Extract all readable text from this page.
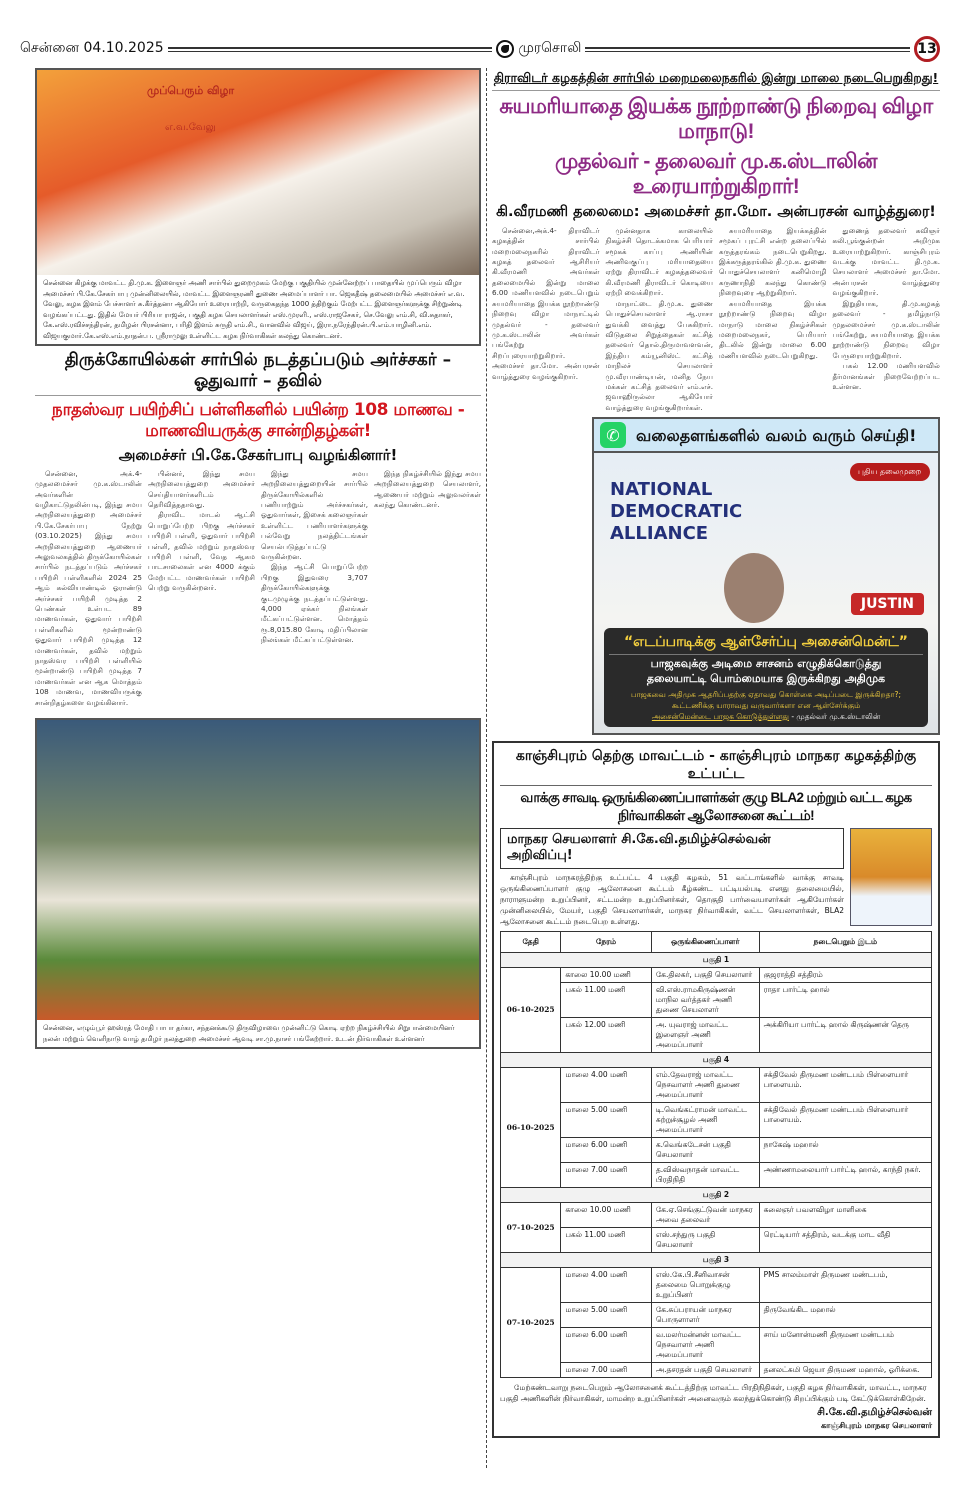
சென்னை 04.10.2025	முரசொலி	13
முப்பெரும் விழா
எ.வ.வேலு
சென்னை கிழக்கு மாவட்ட தி.மு.க. இளைஞர் அணி சார்பில் துறைமுகம் மேற்கு பகுதியில் முன்னேற்றப் பாதையில் முப்பெரும் விழா அமைச்சர் பி.கே.சேகர்பாபு முன்னிலையில், மாவட்ட இளைஞரணி துணை அமைப்பாளர் பா. ஜெகதீஷ் தலைமையில் அமைச்சர் எ.வ. வேலு, கழக இளம் பேச்சாளர் சு.கீர்த்தனா ஆகியோர் உரையாற்றி, வருகைதந்த 1000 த்திற்கும் மேற்பட்ட இளைஞர்களுக்கு சிற்றுண்டி வழங்கப்பட்டது. இதில் மேயர் பிரியா ராஜன், பகுதி கழக செயலாளர்கள் எஸ்.முரளி., எஸ்.ராஜசேகர், செ.வேலு எம்.சி, வி.சுதாகர், கே.எஸ்.ரவிச்சந்திரன், தமிழன் பிரசன்னா, பரிதி இளம் சுருதி எம்.சி., வானவில் விஜய், இரா.நரேந்திரன்.பி.எம்.யாழினி.எம். விஜயகுமார்.கே.எஸ்.எம்.நாதன்.ப. ஸ்ரீராமுலு உள்ளிட்ட கழக நிர்வாகிகள் கலந்து கொண்டனர்.
திருக்கோயில்கள் சார்பில் நடத்தப்படும் அர்ச்சகர் – ஓதுவார் – தவில்
நாதஸ்வர பயிற்சிப் பள்ளிகளில் பயின்ற 108 மாணவ - மாணவியருக்கு சான்றிதழ்கள்!
அமைச்சர் பி.கே.சேகர்பாபு வழங்கினார்!

சென்னை, அக்.4- முதலமைச்சர் மு.க.ஸ்டாலின் அவர்களின் வழிகாட்டுதலின்படி, இந்து சமய அறநிலையத்துறை அமைச்சர் பி.கே.சேகர்பாபு நேற்று (03.10.2025) இந்து சமய அறநிலையத்துறை ஆணையர் அலுவலகத்தில் திருக்கோயில்கள் சார்பில் நடத்தப்படும் அர்ச்சகர் பயிற்சி பள்ளிகளில் 2024 25 ஆம் கல்வியாண்டில் ஓராண்டு அர்ச்சகர் பயிற்சி முடித்த 2 பெண்கள் உள்பட 89 மாணவர்கள், ஓதுவார் பயிற்சி பள்ளிகளில் மூன்றாண்டு ஓதுவார் பயிற்சி முடித்த 12 மாணவர்கள், தவில் மற்றும் நாதஸ்வர பயிற்சி பள்ளியில் மூன்றாண்டு பயிற்சி முடித்த 7 மாணவர்கள் என ஆக மொத்தம் 108 மாணவ, மாணவியருக்கு சான்றிதழ்களை வழங்கினார்.

பின்னர், இந்து சமய அறநிலையத்துறை அமைச்சர் செய்தியாளர்களிடம் தெரிவித்ததாவது.

திராவிட மாடல் ஆட்சி பொறுப்பேற்ற பிறகு அர்ச்சகர் பயிற்சி பள்ளி, ஓதுவார் பயிற்சி பள்ளி, தவில் மற்றும் நாதஸ்வர பயிற்சி பள்ளி, வேத ஆகம பாடசாலைகள் என 4000 க்கும் மேற்பட்ட மாணவர்கள் பயிற்சி பெற்று வருகின்றனர்.

இந்து சமய அறநிலையத்துறையின் சார்பில் திருக்கோயில்களில் பணியாற்றும் அர்ச்சகர்கள், ஓதுவார்கள், இசைக் கலைஞர்கள் உள்ளிட்ட பணியாளர்களுக்கு பல்வேறு நலத்திட்டங்கள் செயல்படுத்தப்பட்டு வருகின்றன.

இந்த ஆட்சி பொறுப்பேற்ற பிறகு இதுவரை 3,707 திருக்கோயில்களுக்கு குடமுழுக்கு நடத்தப்பட்டுள்ளது. 4,000 ஏக்கர் நிலங்கள் மீட்கப்பட்டுள்ளன. மொத்தம் ரூ.8,015.80 கோடி மதிப்பிலான நிலங்கள் மீட்கப்பட்டுள்ளன.

இந்த நிகழ்ச்சியில் இந்து சமய அறநிலையத்துறை செயலாளர், ஆணையர் மற்றும் அலுவலர்கள் கலந்து கொண்டனர்.

சென்னை, எழும்பூர் ஹஸ்ரத் மோதி பாபா தர்கா, சந்தனக்கூடு திருவிழாவை முன்னிட்டு கொடி ஏற்ற நிகழ்ச்சியில் சிறுபான்மையினர் நலன் மற்றும் வெளிநாடு வாழ் தமிழர் நலத்துறை அமைச்சர் ஆவடி சா.மு.நாசர் பங்கேற்றார். உடன் நிர்வாகிகள் உள்ளனர்
திராவிடர் கழகத்தின் சார்பில் மறைமலைநகரில் இன்று மாலை நடைபெறுகிறது!
சுயமரியாதை இயக்க நூற்றாண்டு நிறைவு விழா மாநாடு!
முதல்வர் - தலைவர் மு.க.ஸ்டாலின் உரையாற்றுகிறார்!
கி.வீரமணி தலைமை: அமைச்சர் தா.மோ. அன்பரசன் வாழ்த்துரை!

சென்னை,அக்.4- திராவிடர் கழகத்தின் சார்பில் மறைமலைநகரில் திராவிடர் கழகத் தலைவர் ஆசிரியர் கி.வீரமணி அவர்கள் தலைமையில் இன்று மாலை 6.00 மணியளவில் நடைபெறும் சுயமரியாதை இயக்க நூற்றாண்டு நிறைவு விழா மாநாட்டில் முதல்வர் - தலைவர் மு.க.ஸ்டாலின் அவர்கள் பங்கேற்று சிறப்புரையாற்றுகிறார். அமைச்சர் தா.மோ. அன்பரசன் வாழ்த்துரை வழங்குகிறார்.

முன்னதாக காலையில் நிகழ்ச்சி தொடக்கமாக பெரியார் சமூகக் காப்பு அணியின் அணிவகுப்பு மரியாதையை ஏற்று திராவிடர் கழகத்தலைவர் கி.வீரமணி திராவிடர் கொடியை ஏற்றி வைக்கிறார்.

மாநாட்டை தி.மு.க. துணை பொதுச்செயலாளர் ஆ.ராசா துவக்கி வைத்து பேசுகிறார். விடுதலை சிறுத்தைகள் கட்சித் தலைவர் தொல்.திருமாவளவன், இந்திய கம்யூனிஸ்ட் கட்சித் மாநிலச் செயலாளர் மு.வீரபாண்டியன், மனித நேய மக்கள் கட்சித் தலைவர் எம்.எச். ஜவாஹிருல்லா ஆகியோர் வாழ்த்துரை வழங்குகிறார்கள்.

சுயமரியாதை இயக்கத்தின் சமூகப் புரட்சி என்ற தலைப்பில் கருத்தரங்கம் நடைபெறுகிறது. இக்கருத்தரங்கில் தி.மு.க. துணை பொதுச்செயலாளர் கனிமொழி கருணாநிதி கலந்து கொண்டு நிறைவுரை ஆற்றுகிறார்.

சுயமரியாதை இயக்க நூற்றாண்டு நிறைவு விழா மாநாடு மாலை நிகழ்ச்சிகள் மறைமலைநகர், பெரியார் திடலில் இன்று மாலை 6.00 மணியளவில் நடைபெறுகிறது.

துணைத் தலைவர் கவிஞர் கலி.பூங்குன்றன் அறிமுக உரையாற்றுகிறார். காஞ்சிபுரம் வடக்கு மாவட்ட தி.மு.க. செயலாளர் அமைச்சர் தா.மோ. அன்பரசன் வாழ்த்துரை வழங்குகிறார்.

இறுதியாக, தி.மு.கழகத் தலைவர் - தமிழ்நாடு முதலமைச்சர் மு.க.ஸ்டாலின் பங்கேற்று, சுயமரியாதை இயக்க நூற்றாண்டு நிறைவு விழா பேருரையாற்றுகிறார்.

பகல் 12.00 மணியளவில் தீர்மானங்கள் நிறைவேற்றப்பட உள்ளன.

✆	வலைதளங்களில் வலம் வரும் செய்தி!
NATIONAL DEMOCRATIC ALLIANCE
புதிய தலைமுறை
JUSTIN
“எடப்பாடிக்கு ஆள்சேர்ப்பு அசைன்மென்ட்”
பாஜகவுக்கு அடிமை சாசனம் எழுதிக்கொடுத்து
தலையாட்டி பொம்மையாக இருக்கிறது அதிமுக
பாஜகவை அதிமுக ஆதரிப்பதற்கு ஏதாவது கொள்கை அடிப்படை இருக்கிறதா?; கூட்டணிக்கு யாராவது வருவார்களா என ஆள்சேர்க்கும்
அசைன்மென்டை பாஜக கொடுத்துள்ளது - முதல்வர் மு.க.ஸ்டாலின்
காஞ்சிபுரம் தெற்கு மாவட்டம் - காஞ்சிபுரம் மாநகர கழகத்திற்கு உட்பட்ட
வாக்கு சாவடி ஒருங்கிணைப்பாளர்கள் குழு BLA2 மற்றும் வட்ட கழக நிர்வாகிகள் ஆலோசனை கூட்டம்!
மாநகர செயலாளர் சி.கே.வி.தமிழ்ச்செல்வன் அறிவிப்பு!
காஞ்சிபுரம் மாநகரத்திற்கு உட்பட்ட 4 பகுதி கழகம், 51 வட்டாங்களில் வாக்கு சாவடி ஒருங்கிணைப்பாளர் குழு ஆலோசனை கூட்டம் கீழ்கண்ட பட்டியல்படி எனது தலைமையில், நாராளுமன்ற உறுப்பினர், சட்டமன்ற உறுப்பினர்கள், தொகுதி பார்வையாளர்கள் ஆகியோர்கள் முன்னிலையில், மேயர், பகுதி செயலாளர்கள், மாநகர நிர்வாகிகள், வட்ட செயலாளர்கள், BLA2 ஆலோசனை கூட்டம் நடைபெற உள்ளது.
தேதி	நேரம்	ஒருங்கிணைப்பாளர்	நடைபெறும் இடம்
பகுதி 1			
06-10-2025	காலை 10.00 மணி	கே.திலகர், பகுதி செயலாளர்	குஜராத்தி சத்திரம்
	பகல் 11.00 மணி	வி.எஸ்.ராமகிருஷ்ணன் மாநில வர்த்தகர் அணி துணை செயலாளர்	ராதா பார்ட்டி ஹால்
	பகல் 12.00 மணி	அ. யுவராஜ் மாவட்ட இளைஞர் அணி அமைப்பாளர்	அக்கிரியா பார்ட்டி ஹால் கிருஷ்ணன் தெரு
பகுதி 4			
06-10-2025	மாலை 4.00 மணி	எம்.தேவராஜ் மாவட்ட நெசவாளர் அணி துணை அமைப்பாளர்	சக்திவேல் திருமண மண்டபம் பிள்ளையார் பாளையம்.
	மாலை 5.00 மணி	டி.வெங்கட்ராமன் மாவட்ட சுற்றுச்சூழல் அணி அமைப்பாளர்	சக்திவேல் திருமண மண்டபம் பிள்ளையார் பாளையம்.
	மாலை 6.00 மணி	க.வெங்கடேசன் பகுதி செயலாளர்	நாகேஷ் மஹால்
	மாலை 7.00 மணி	த.விஸ்வநாதன் மாவட்ட பிரதிநிதி	அண்ணாமலையார் பார்ட்டி ஹால், காந்தி நகர்.
பகுதி 2			
07-10-2025	காலை 10.00 மணி	கே.ஏ.செங்குட்டுவன் மாநகர அவை தலைவர்	கலைஞர் பவளவிழா மாளிகை
	பகல் 11.00 மணி	எஸ்.சந்துரு பகுதி செயலாளர்	ரெட்டியார் சத்திரம், வடக்கு மாட வீதி
பகுதி 3			
07-10-2025	மாலை 4.00 மணி	எஸ்.கே.பி.சீனிவாசன் தலைமை பொறுக்குழு உறுப்பினர்	PMS சாலம்மாள் திருமண மண்டபம்,
	மாலை 5.00 மணி	கே.சுப்பராயன் மாநகர பொருளாளர்	திருவேங்கிட மஹால்
	மாலை 6.00 மணி	வ.மலர்மன்னன் மாவட்ட நெசவாளர் அணி அமைப்பாளர்	சாய் மனோன்மணி திருமண மண்டபம்
	மாலை 7.00 மணி	அ.தசரதன் பகுதி செயலாளர்	தனலட்சுமி ஜெயா திருமண மஹால், ஓரிக்கை.
மேற்கண்டவாறு நடைபெறும் ஆலோசனைக் கூட்டத்திற்கு மாவட்ட பிரதிநிதிகள், பகுதி கழக நிர்வாகிகள், மாவட்ட, மாநகர பகுதி அணிகளின் நிர்வாகிகள், மாமன்ற உறுப்பினர்கள் அனைவரும் கலந்துக்கொண்டு சிறப்பிக்கும் படி கேட்டுக்கொள்கிறேன்.
சி.கே.வி.தமிழ்ச்செல்வன்
காஞ்சிபுரம் மாநகர செயலாளர்
